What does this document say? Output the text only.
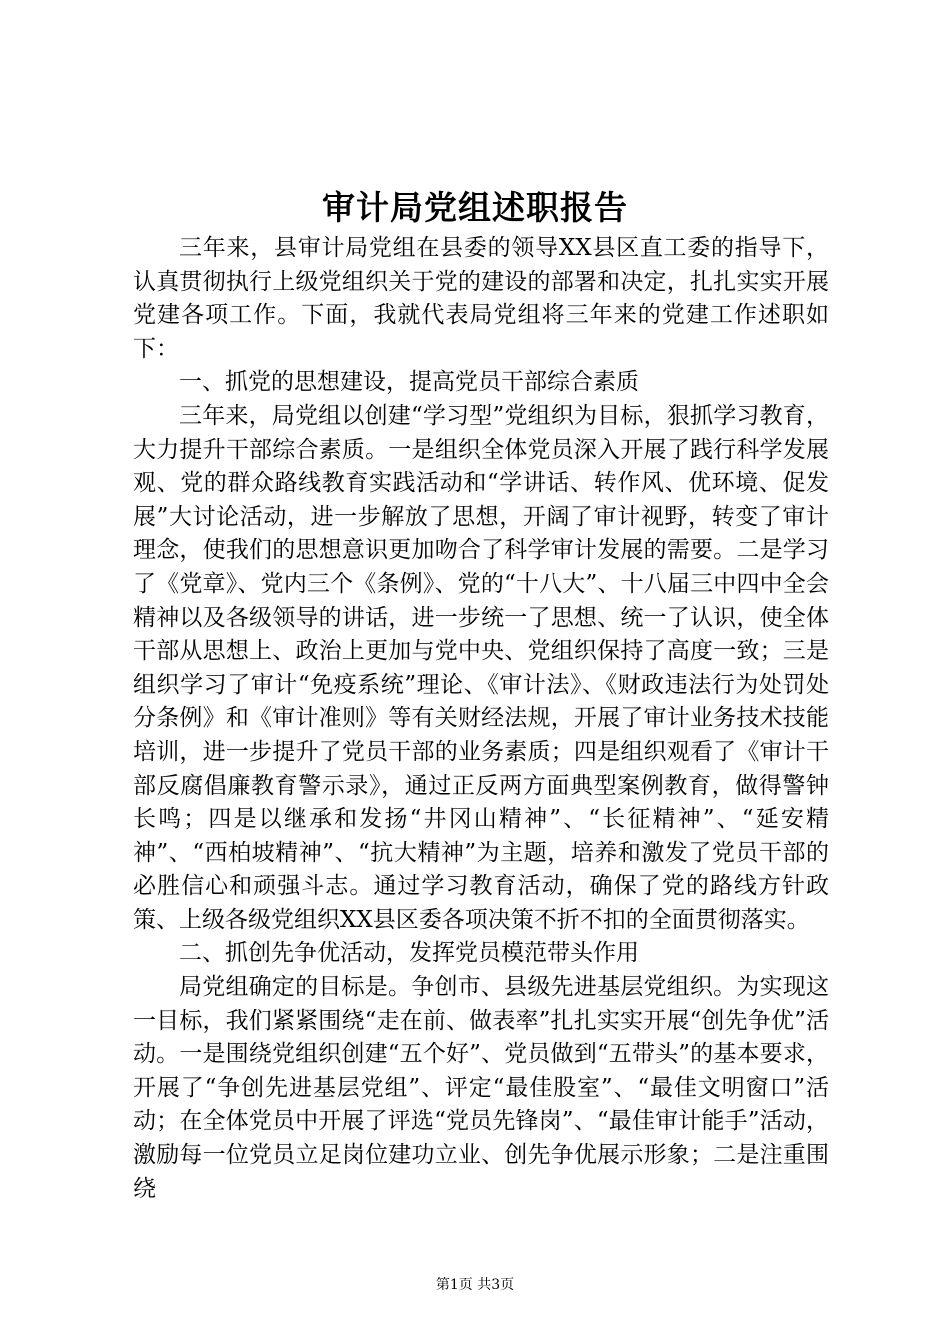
审计局党组述职报告

三年来，县审计局党组在县委的领导XX县区直工委的指导下，认真贯彻执行上级党组织关于党的建设的部署和决定，扎扎实实开展党建各项工作。下面，我就代表局党组将三年来的党建工作述职如下：

一、抓党的思想建设，提高党员干部综合素质

三年来，局党组以创建“学习型”党组织为目标，狠抓学习教育，大力提升干部综合素质。一是组织全体党员深入开展了践行科学发展观、党的群众路线教育实践活动和“学讲话、转作风、优环境、促发展”大讨论活动，进一步解放了思想，开阔了审计视野，转变了审计理念，使我们的思想意识更加吻合了科学审计发展的需要。二是学习了《党章》、党内三个《条例》、党的“十八大”、十八届三中四中全会精神以及各级领导的讲话，进一步统一了思想、统一了认识，使全体干部从思想上、政治上更加与党中央、党组织保持了高度一致；三是组织学习了审计“免疫系统”理论、《审计法》、《财政违法行为处罚处分条例》和《审计准则》等有关财经法规，开展了审计业务技术技能培训，进一步提升了党员干部的业务素质；四是组织观看了《审计干部反腐倡廉教育警示录》，通过正反两方面典型案例教育，做得警钟长鸣；四是以继承和发扬“井冈山精神”、“长征精神”、“延安精神”、“西柏坡精神”、“抗大精神”为主题，培养和激发了党员干部的必胜信心和顽强斗志。通过学习教育活动，确保了党的路线方针政策、上级各级党组织XX县区委各项决策不折不扣的全面贯彻落实。

二、抓创先争优活动，发挥党员模范带头作用

局党组确定的目标是。争创市、县级先进基层党组织。为实现这一目标，我们紧紧围绕“走在前、做表率”扎扎实实开展“创先争优”活动。一是围绕党组织创建“五个好”、党员做到“五带头”的基本要求，开展了“争创先进基层党组”、评定“最佳股室”、“最佳文明窗口”活动；在全体党员中开展了评选“党员先锋岗”、“最佳审计能手”活动，激励每一位党员立足岗位建功立业、创先争优展示形象；二是注重围绕

第1页 共3页
